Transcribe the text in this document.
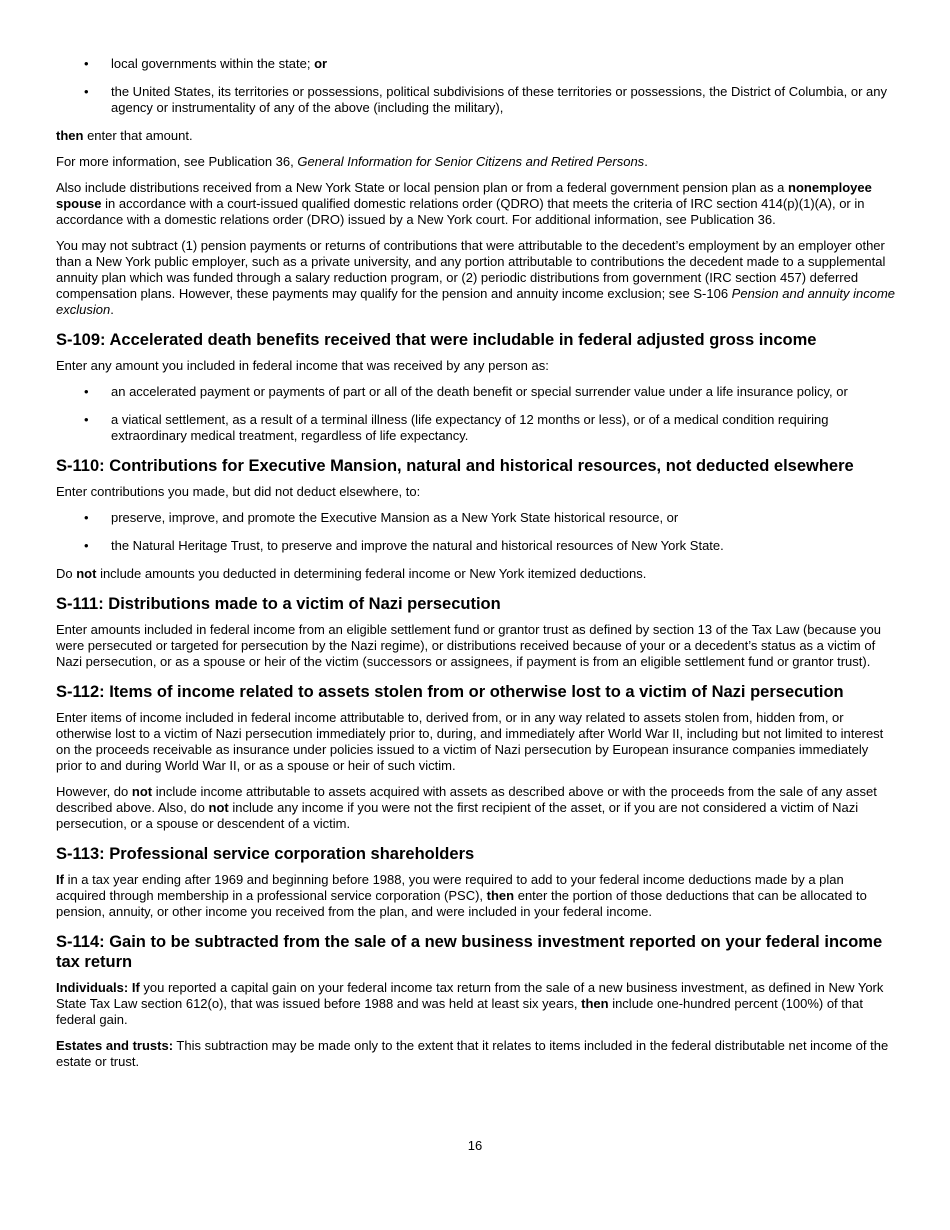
• local governments within the state; or
• the United States, its territories or possessions, political subdivisions of these territories or possessions, the District of Columbia, or any agency or instrumentality of any of the above (including the military),

then enter that amount.

For more information, see Publication 36, General Information for Senior Citizens and Retired Persons.

Also include distributions received from a New York State or local pension plan or from a federal government pension plan as a nonemployee spouse in accordance with a court-issued qualified domestic relations order (QDRO) that meets the criteria of IRC section 414(p)(1)(A), or in accordance with a domestic relations order (DRO) issued by a New York court. For additional information, see Publication 36.

You may not subtract (1) pension payments or returns of contributions that were attributable to the decedent’s employment by an employer other than a New York public employer, such as a private university, and any portion attributable to contributions the decedent made to a supplemental annuity plan which was funded through a salary reduction program, or (2) periodic distributions from government (IRC section 457) deferred compensation plans. However, these payments may qualify for the pension and annuity income exclusion; see S-106 Pension and annuity income exclusion.

S-109: Accelerated death benefits received that were includable in federal adjusted gross income

Enter any amount you included in federal income that was received by any person as:

• an accelerated payment or payments of part or all of the death benefit or special surrender value under a life insurance policy, or
• a viatical settlement, as a result of a terminal illness (life expectancy of 12 months or less), or of a medical condition requiring extraordinary medical treatment, regardless of life expectancy.
S-110: Contributions for Executive Mansion, natural and historical resources, not deducted elsewhere

Enter contributions you made, but did not deduct elsewhere, to:

• preserve, improve, and promote the Executive Mansion as a New York State historical resource, or
• the Natural Heritage Trust, to preserve and improve the natural and historical resources of New York State.

Do not include amounts you deducted in determining federal income or New York itemized deductions.

S-111: Distributions made to a victim of Nazi persecution

Enter amounts included in federal income from an eligible settlement fund or grantor trust as defined by section 13 of the Tax Law (because you were persecuted or targeted for persecution by the Nazi regime), or distributions received because of your or a decedent’s status as a victim of Nazi persecution, or as a spouse or heir of the victim (successors or assignees, if payment is from an eligible settlement fund or grantor trust).

S-112: Items of income related to assets stolen from or otherwise lost to a victim of Nazi persecution

Enter items of income included in federal income attributable to, derived from, or in any way related to assets stolen from, hidden from, or otherwise lost to a victim of Nazi persecution immediately prior to, during, and immediately after World War II, including but not limited to interest on the proceeds receivable as insurance under policies issued to a victim of Nazi persecution by European insurance companies immediately prior to and during World War II, or as a spouse or heir of such victim.

However, do not include income attributable to assets acquired with assets as described above or with the proceeds from the sale of any asset described above. Also, do not include any income if you were not the first recipient of the asset, or if you are not considered a victim of Nazi persecution, or a spouse or descendent of a victim.

S-113: Professional service corporation shareholders

If in a tax year ending after 1969 and beginning before 1988, you were required to add to your federal income deductions made by a plan acquired through membership in a professional service corporation (PSC), then enter the portion of those deductions that can be allocated to pension, annuity, or other income you received from the plan, and were included in your federal income.

S-114: Gain to be subtracted from the sale of a new business investment reported on your federal income tax return

Individuals: If you reported a capital gain on your federal income tax return from the sale of a new business investment, as defined in New York State Tax Law section 612(o), that was issued before 1988 and was held at least six years, then include one-hundred percent (100%) of that federal gain.

Estates and trusts: This subtraction may be made only to the extent that it relates to items included in the federal distributable net income of the estate or trust.

16
